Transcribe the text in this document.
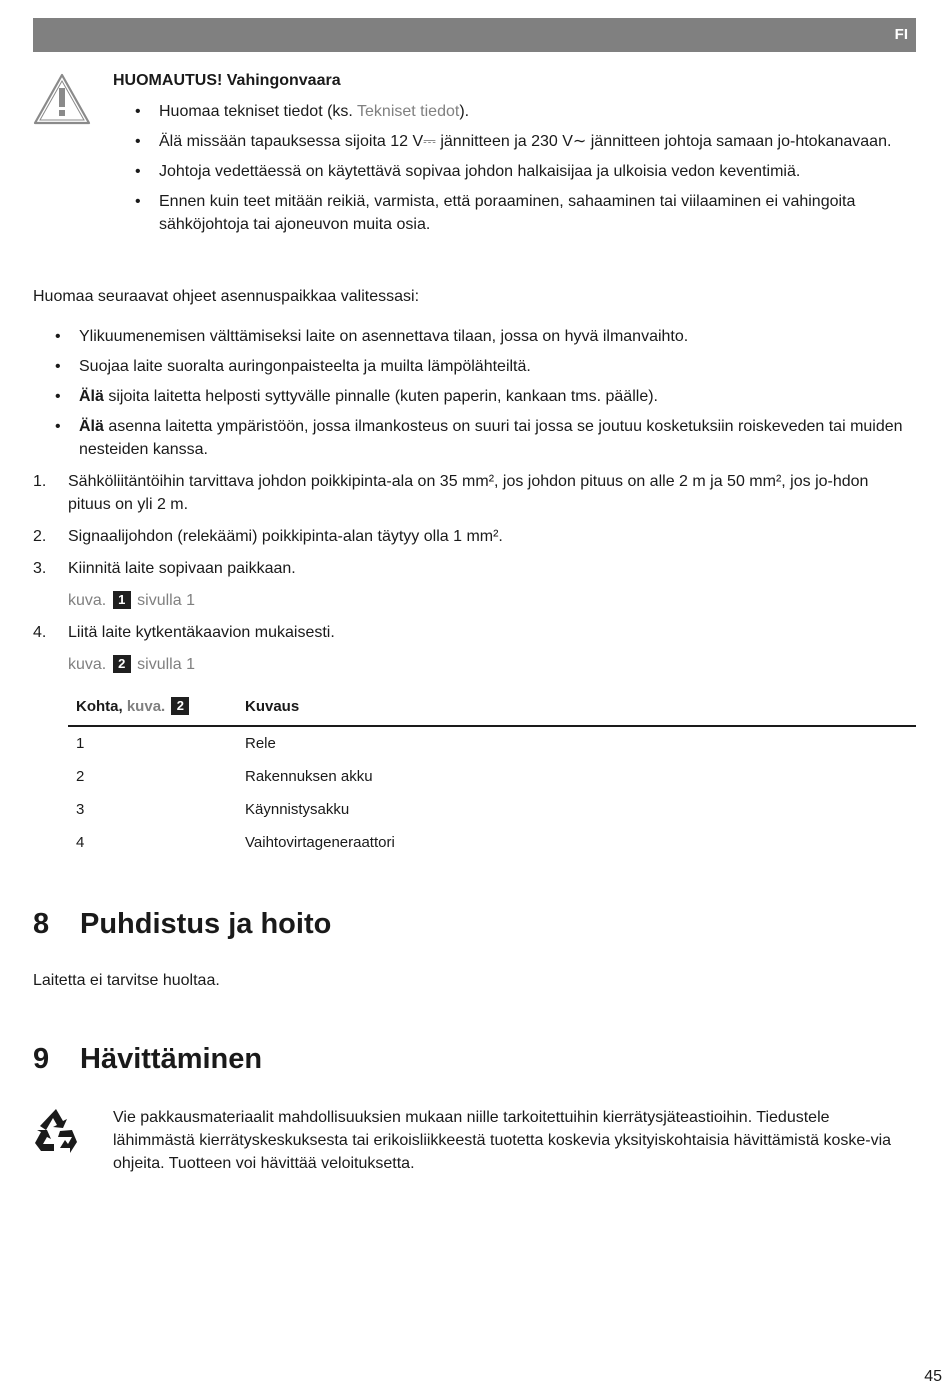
FI
HUOMAUTUS! Vahingonvaara
• Huomaa tekniset tiedot (ks. Tekniset tiedot).
• Älä missään tapauksessa sijoita 12 V⎓ jännitteen ja 230 V∼ jännitteen johtoja samaan jo-htokanavaan.
• Johtoja vedettäessä on käytettävä sopivaa johdon halkaisijaa ja ulkoisia vedon keventimiä.
• Ennen kuin teet mitään reikiä, varmista, että poraaminen, sahaaminen tai viilaaminen ei vahingoita sähköjohtoja tai ajoneuvon muita osia.
Huomaa seuraavat ohjeet asennuspaikkaa valitessasi:
• Ylikuumenemisen välttämiseksi laite on asennettava tilaan, jossa on hyvä ilmanvaihto.
• Suojaa laite suoralta auringonpaisteelta ja muilta lämpölähteiltä.
• Älä sijoita laitetta helposti syttyvälle pinnalle (kuten paperin, kankaan tms. päälle).
• Älä asenna laitetta ympäristöön, jossa ilmankosteus on suuri tai jossa se joutuu kosketuksiin roiskeveden tai muiden nesteiden kanssa.
1. Sähköliitäntöihin tarvittava johdon poikkipinta-ala on 35 mm², jos johdon pituus on alle 2 m ja 50 mm², jos jo-hdon pituus on yli 2 m.
2. Signaalijohdon (relekäämi) poikkipinta-alan täytyy olla 1 mm².
3. Kiinnitä laite sopivaan paikkaan.
kuva. 1 sivulla 1
4. Liitä laite kytkentäkaavion mukaisesti.
kuva. 2 sivulla 1
Kohta, kuva. 2	Kuvaus
1	Rele
2	Rakennuksen akku
3	Käynnistysakku
4	Vaihtovirtageneraattori
8 Puhdistus ja hoito
Laitetta ei tarvitse huoltaa.
9 Hävittäminen
Vie pakkausmateriaalit mahdollisuuksien mukaan niille tarkoitettuihin kierrätysjäteastioihin. Tiedustele lähimmästä kierrätyskeskuksesta tai erikoisliikkeestä tuotetta koskevia yksityiskohtaisia hävittämistä koske-via ohjeita. Tuotteen voi hävittää veloituksetta.
45
